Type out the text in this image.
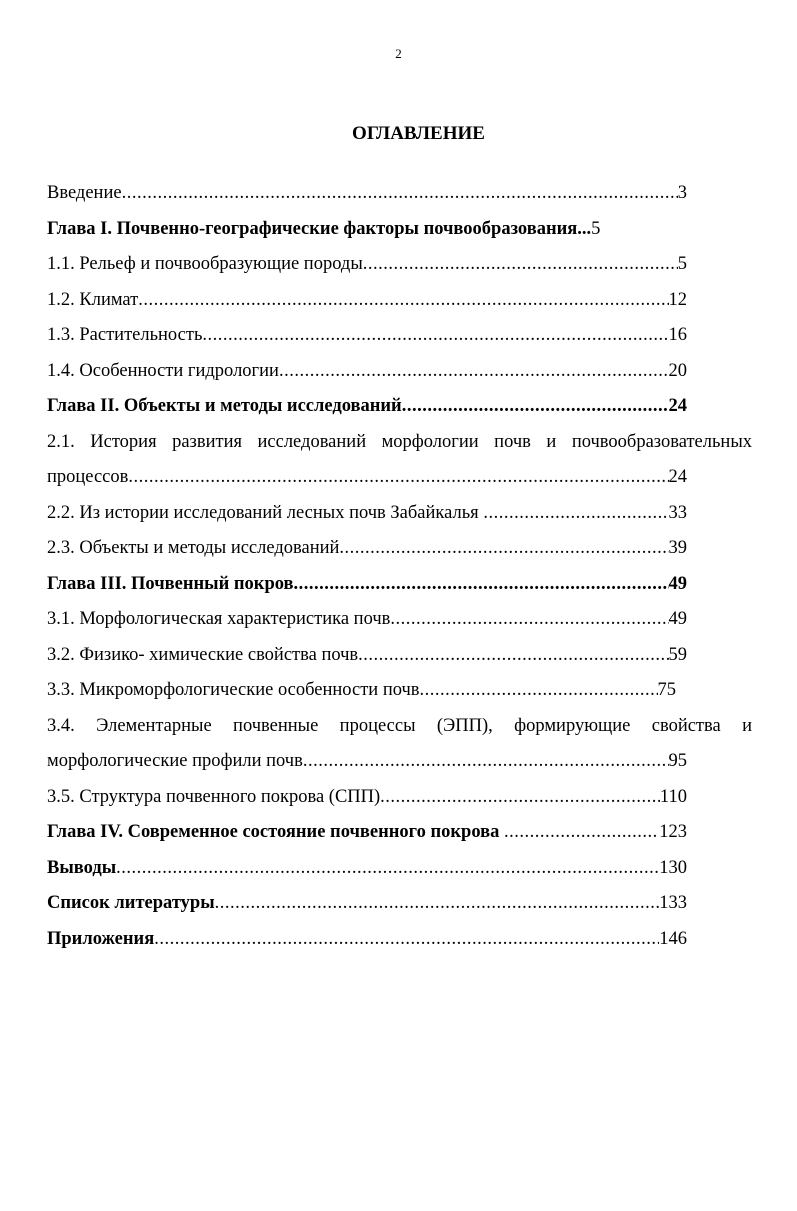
2
ОГЛАВЛЕНИЕ
Введение .....	3
Глава I. Почвенно-географические факторы почвообразования ... 5
1.1. Рельеф и почвообразующие породы .....	5
1.2. Климат .....	12
1.3. Растительность .....	16
1.4. Особенности гидрологии .....	20
Глава II. Объекты и методы исследований .....	24
2.1. История развития исследований морфологии почв и почвообразовательных
процессов .....	24
2.2. Из истории исследований лесных почв Забайкалья .....	33
2.3. Объекты и методы исследований .....	39
Глава III. Почвенный покров .....	49
3.1. Морфологическая характеристика почв .....	49
3.2. Физико- химические свойства почв .....	59
3.3. Микроморфологические особенности почв .....	75
3.4. Элементарные почвенные процессы (ЭПП), формирующие свойства и
морфологические профили почв .....	95
3.5. Структура почвенного покрова (СПП) .....	110
Глава IV. Современное состояние почвенного покрова .....	123
Выводы .....	130
Список литературы .....	133
Приложения .....	146
